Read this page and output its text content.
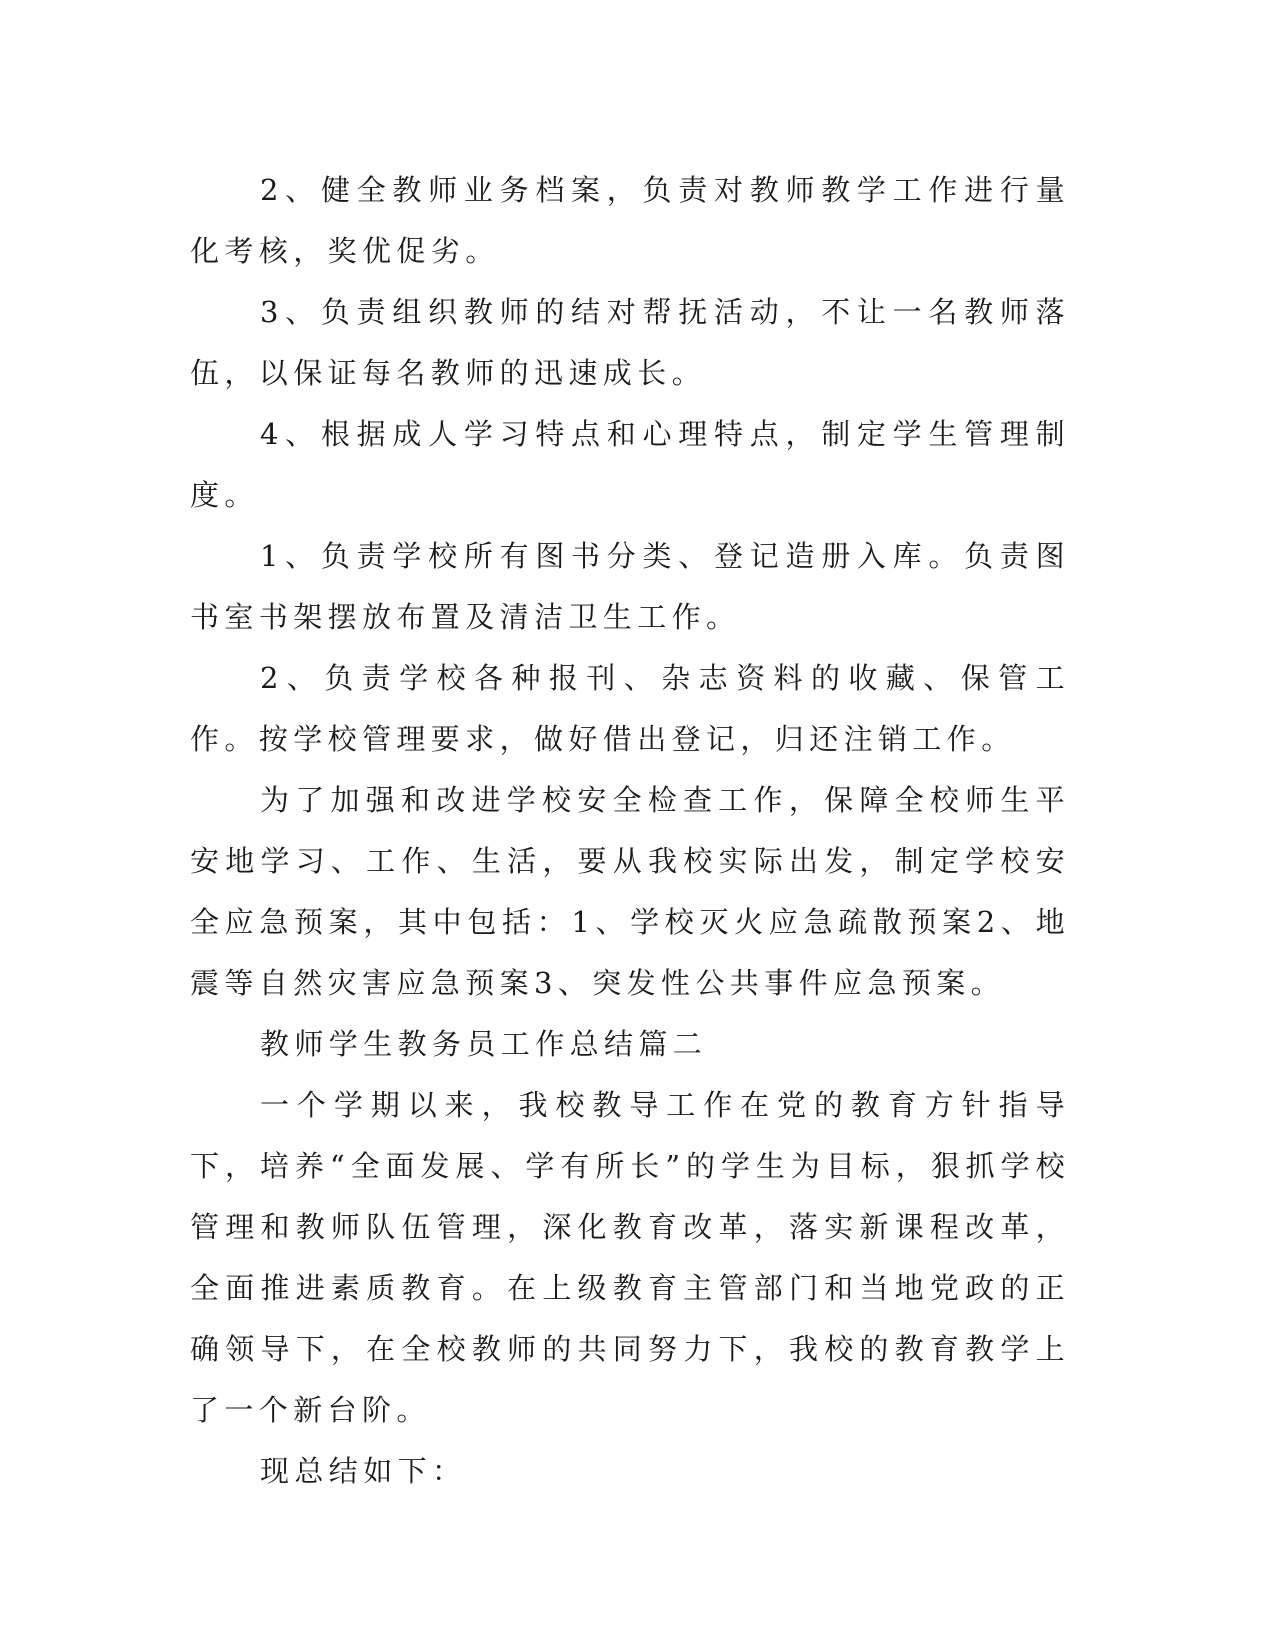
2、健全教师业务档案，负责对教师教学工作进行量化考核，奖优促劣。

3、负责组织教师的结对帮抚活动，不让一名教师落伍，以保证每名教师的迅速成长。

4、根据成人学习特点和心理特点，制定学生管理制度。

1、负责学校所有图书分类、登记造册入库。负责图书室书架摆放布置及清洁卫生工作。

2、负责学校各种报刊、杂志资料的收藏、保管工作。按学校管理要求，做好借出登记，归还注销工作。

为了加强和改进学校安全检查工作，保障全校师生平安地学习、工作、生活，要从我校实际出发，制定学校安全应急预案，其中包括：1、学校灭火应急疏散预案2、地震等自然灾害应急预案3、突发性公共事件应急预案。

教师学生教务员工作总结篇二

一个学期以来，我校教导工作在党的教育方针指导下，培养“全面发展、学有所长”的学生为目标，狠抓学校管理和教师队伍管理，深化教育改革，落实新课程改革，全面推进素质教育。在上级教育主管部门和当地党政的正确领导下，在全校教师的共同努力下，我校的教育教学上了一个新台阶。

现总结如下：
